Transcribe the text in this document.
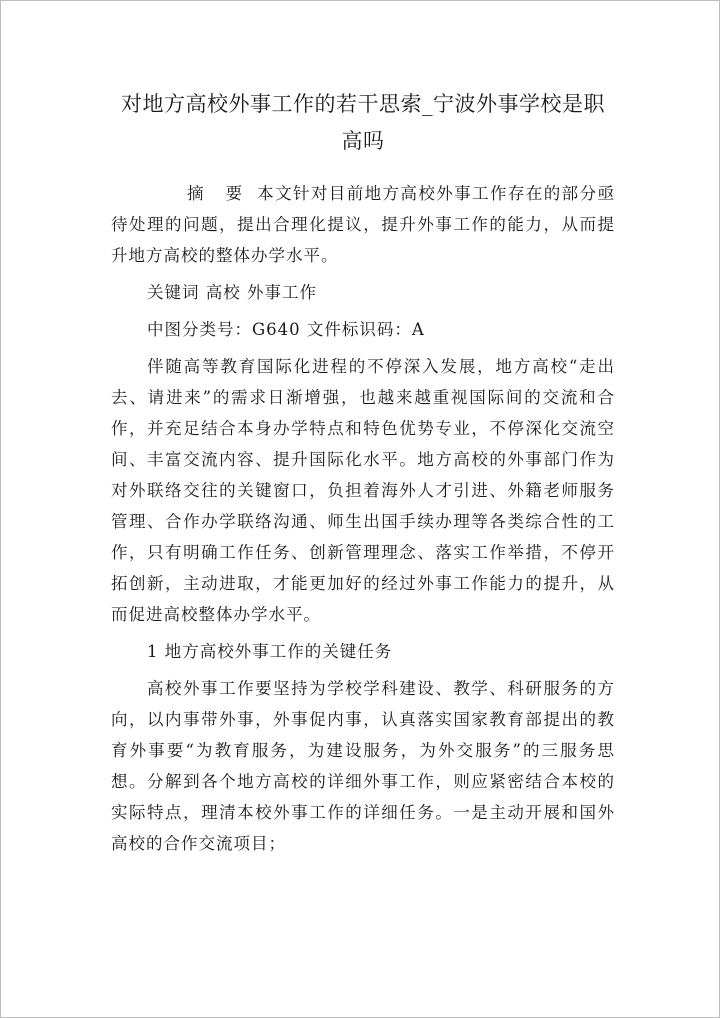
对地方高校外事工作的若干思索_宁波外事学校是职
高吗

摘 要 本文针对目前地方高校外事工作存在的部分亟待处理的问题，提出合理化提议，提升外事工作的能力，从而提升地方高校的整体办学水平。

关键词 高校 外事工作

中图分类号：G640 文件标识码：A

伴随高等教育国际化进程的不停深入发展，地方高校“走出去、请进来”的需求日渐增强，也越来越重视国际间的交流和合作，并充足结合本身办学特点和特色优势专业，不停深化交流空间、丰富交流内容、提升国际化水平。地方高校的外事部门作为对外联络交往的关键窗口，负担着海外人才引进、外籍老师服务管理、合作办学联络沟通、师生出国手续办理等各类综合性的工作，只有明确工作任务、创新管理理念、落实工作举措，不停开拓创新，主动进取，才能更加好的经过外事工作能力的提升，从而促进高校整体办学水平。

1 地方高校外事工作的关键任务

高校外事工作要坚持为学校学科建设、教学、科研服务的方向，以内事带外事，外事促内事，认真落实国家教育部提出的教育外事要“为教育服务，为建设服务，为外交服务”的三服务思想。分解到各个地方高校的详细外事工作，则应紧密结合本校的实际特点，理清本校外事工作的详细任务。一是主动开展和国外高校的合作交流项目；
